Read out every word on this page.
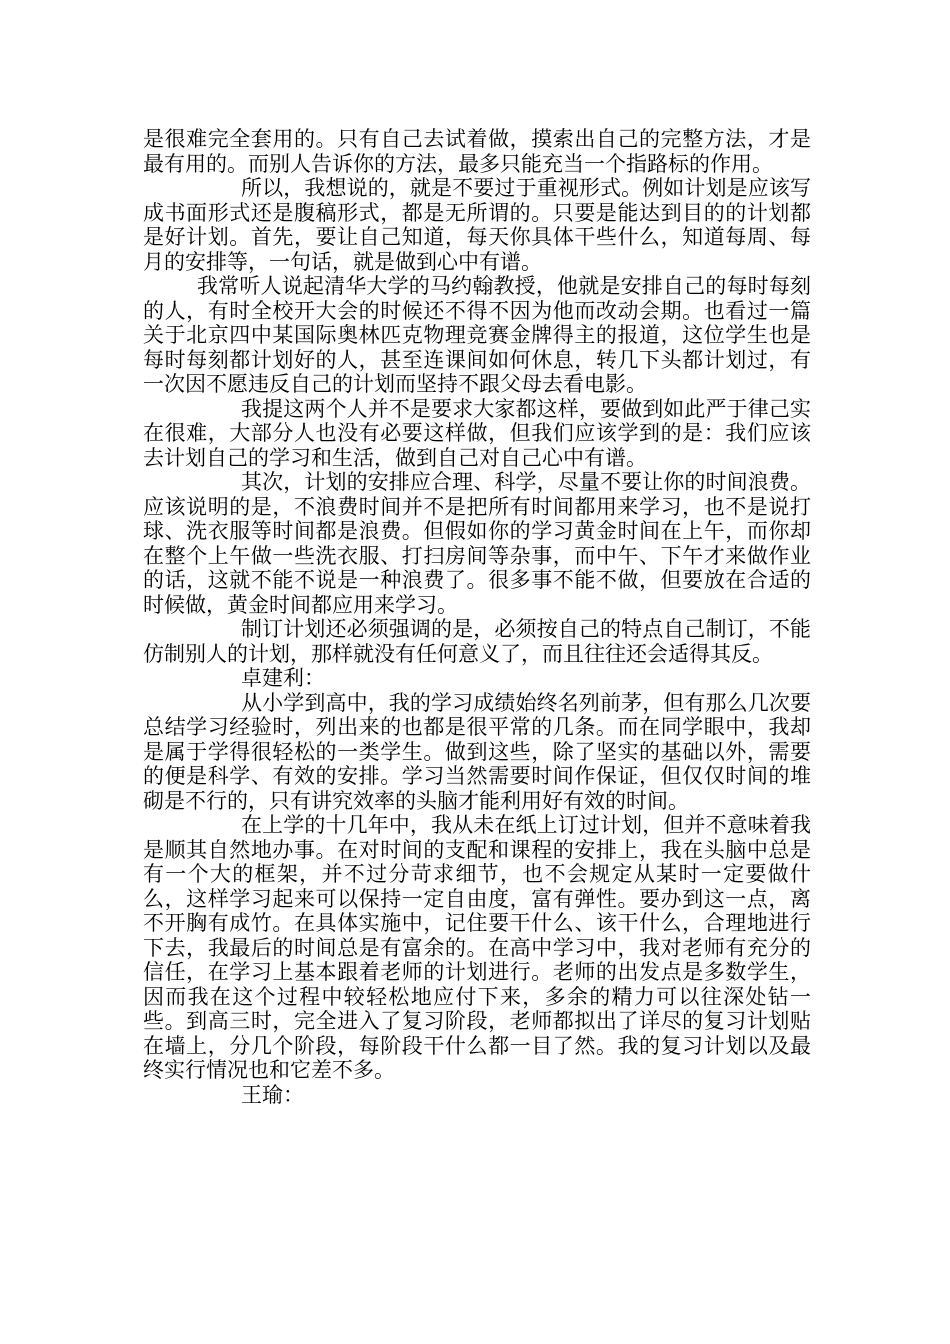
是很难完全套用的。只有自己去试着做，摸索出自己的完整方法，才是最有用的。而别人告诉你的方法，最多只能充当一个指路标的作用。

所以，我想说的，就是不要过于重视形式。例如计划是应该写成书面形式还是腹稿形式，都是无所谓的。只要是能达到目的的计划都是好计划。首先，要让自己知道，每天你具体干些什么，知道每周、每月的安排等，一句话，就是做到心中有谱。

我常听人说起清华大学的马约翰教授，他就是安排自己的每时每刻的人，有时全校开大会的时候还不得不因为他而改动会期。也看过一篇关于北京四中某国际奥林匹克物理竞赛金牌得主的报道，这位学生也是每时每刻都计划好的人，甚至连课间如何休息，转几下头都计划过，有一次因不愿违反自己的计划而坚持不跟父母去看电影。

我提这两个人并不是要求大家都这样，要做到如此严于律己实在很难，大部分人也没有必要这样做，但我们应该学到的是：我们应该去计划自己的学习和生活，做到自己对自己心中有谱。

其次，计划的安排应合理、科学，尽量不要让你的时间浪费。应该说明的是，不浪费时间并不是把所有时间都用来学习，也不是说打球、洗衣服等时间都是浪费。但假如你的学习黄金时间在上午，而你却在整个上午做一些洗衣服、打扫房间等杂事，而中午、下午才来做作业的话，这就不能不说是一种浪费了。很多事不能不做，但要放在合适的时候做，黄金时间都应用来学习。

制订计划还必须强调的是，必须按自己的特点自己制订，不能仿制别人的计划，那样就没有任何意义了，而且往往还会适得其反。

卓建利：

从小学到高中，我的学习成绩始终名列前茅，但有那么几次要总结学习经验时，列出来的也都是很平常的几条。而在同学眼中，我却是属于学得很轻松的一类学生。做到这些，除了坚实的基础以外，需要的便是科学、有效的安排。学习当然需要时间作保证，但仅仅时间的堆砌是不行的，只有讲究效率的头脑才能利用好有效的时间。

在上学的十几年中，我从未在纸上订过计划，但并不意味着我是顺其自然地办事。在对时间的支配和课程的安排上，我在头脑中总是有一个大的框架，并不过分苛求细节，也不会规定从某时一定要做什么，这样学习起来可以保持一定自由度，富有弹性。要办到这一点，离不开胸有成竹。在具体实施中，记住要干什么、该干什么，合理地进行下去，我最后的时间总是有富余的。在高中学习中，我对老师有充分的信任，在学习上基本跟着老师的计划进行。老师的出发点是多数学生，因而我在这个过程中较轻松地应付下来，多余的精力可以往深处钻一些。到高三时，完全进入了复习阶段，老师都拟出了详尽的复习计划贴在墙上，分几个阶段，每阶段干什么都一目了然。我的复习计划以及最终实行情况也和它差不多。

王瑜：
